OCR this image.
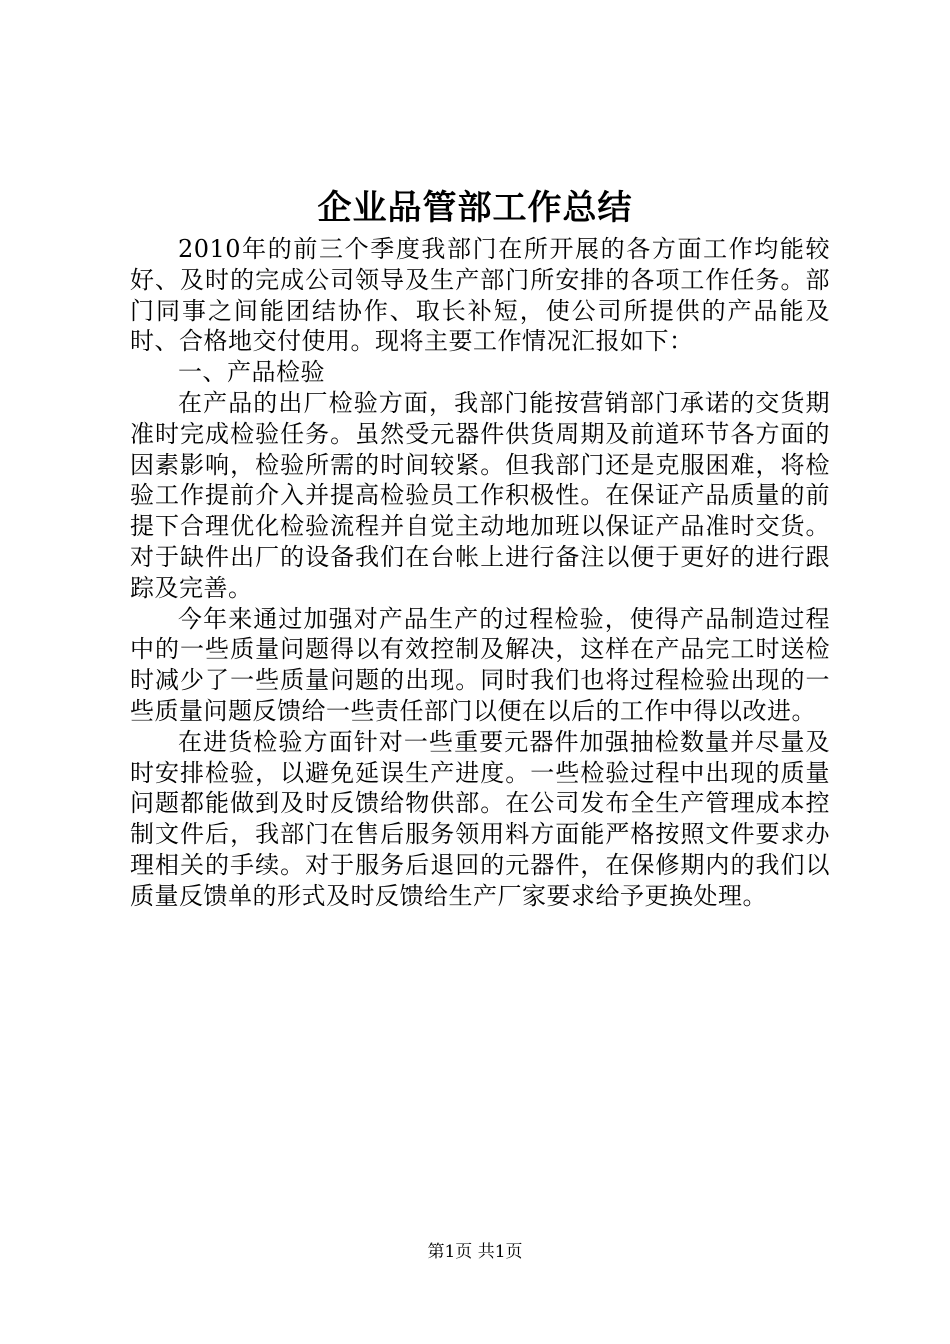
企业品管部工作总结

2010年的前三个季度我部门在所开展的各方面工作均能较好、及时的完成公司领导及生产部门所安排的各项工作任务。部门同事之间能团结协作、取长补短，使公司所提供的产品能及时、合格地交付使用。现将主要工作情况汇报如下：

一、产品检验

在产品的出厂检验方面，我部门能按营销部门承诺的交货期准时完成检验任务。虽然受元器件供货周期及前道环节各方面的因素影响，检验所需的时间较紧。但我部门还是克服困难，将检验工作提前介入并提高检验员工作积极性。在保证产品质量的前提下合理优化检验流程并自觉主动地加班以保证产品准时交货。对于缺件出厂的设备我们在台帐上进行备注以便于更好的进行跟踪及完善。

今年来通过加强对产品生产的过程检验，使得产品制造过程中的一些质量问题得以有效控制及解决，这样在产品完工时送检时减少了一些质量问题的出现。同时我们也将过程检验出现的一些质量问题反馈给一些责任部门以便在以后的工作中得以改进。

在进货检验方面针对一些重要元器件加强抽检数量并尽量及时安排检验，以避免延误生产进度。一些检验过程中出现的质量问题都能做到及时反馈给物供部。在公司发布全生产管理成本控制文件后，我部门在售后服务领用料方面能严格按照文件要求办理相关的手续。对于服务后退回的元器件，在保修期内的我们以质量反馈单的形式及时反馈给生产厂家要求给予更换处理。

第1页 共1页
